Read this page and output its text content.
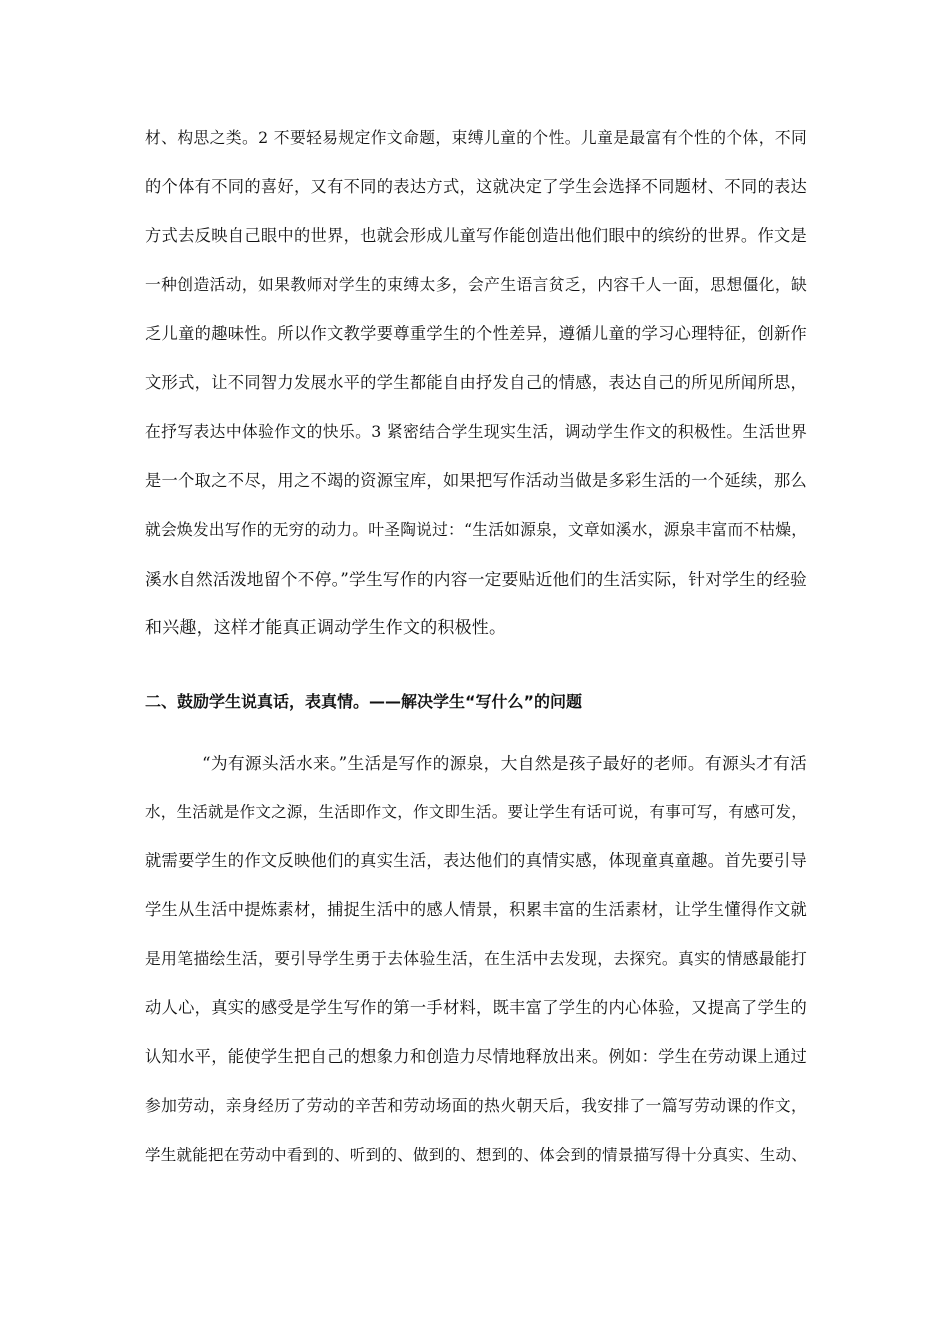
材、构思之类。2 不要轻易规定作文命题，束缚儿童的个性。儿童是最富有个性的个体，不同
的个体有不同的喜好，又有不同的表达方式，这就决定了学生会选择不同题材、不同的表达
方式去反映自己眼中的世界，也就会形成儿童写作能创造出他们眼中的缤纷的世界。作文是
一种创造活动，如果教师对学生的束缚太多，会产生语言贫乏，内容千人一面，思想僵化，缺
乏儿童的趣味性。所以作文教学要尊重学生的个性差异，遵循儿童的学习心理特征，创新作
文形式，让不同智力发展水平的学生都能自由抒发自己的情感，表达自己的所见所闻所思，
在抒写表达中体验作文的快乐。3 紧密结合学生现实生活，调动学生作文的积极性。生活世界
是一个取之不尽，用之不竭的资源宝库，如果把写作活动当做是多彩生活的一个延续，那么
就会焕发出写作的无穷的动力。叶圣陶说过：“生活如源泉，文章如溪水，源泉丰富而不枯燥，
溪水自然活泼地留个不停。”学生写作的内容一定要贴近他们的生活实际，针对学生的经验
和兴趣，这样才能真正调动学生作文的积极性。
二、鼓励学生说真话，表真情。——解决学生“写什么”的问题
“为有源头活水来。”生活是写作的源泉，大自然是孩子最好的老师。有源头才有活
水，生活就是作文之源，生活即作文，作文即生活。要让学生有话可说，有事可写，有感可发，
就需要学生的作文反映他们的真实生活，表达他们的真情实感，体现童真童趣。首先要引导
学生从生活中提炼素材，捕捉生活中的感人情景，积累丰富的生活素材，让学生懂得作文就
是用笔描绘生活，要引导学生勇于去体验生活，在生活中去发现，去探究。真实的情感最能打
动人心，真实的感受是学生写作的第一手材料，既丰富了学生的内心体验，又提高了学生的
认知水平，能使学生把自己的想象力和创造力尽情地释放出来。例如：学生在劳动课上通过
参加劳动，亲身经历了劳动的辛苦和劳动场面的热火朝天后，我安排了一篇写劳动课的作文，
学生就能把在劳动中看到的、听到的、做到的、想到的、体会到的情景描写得十分真实、生动、
